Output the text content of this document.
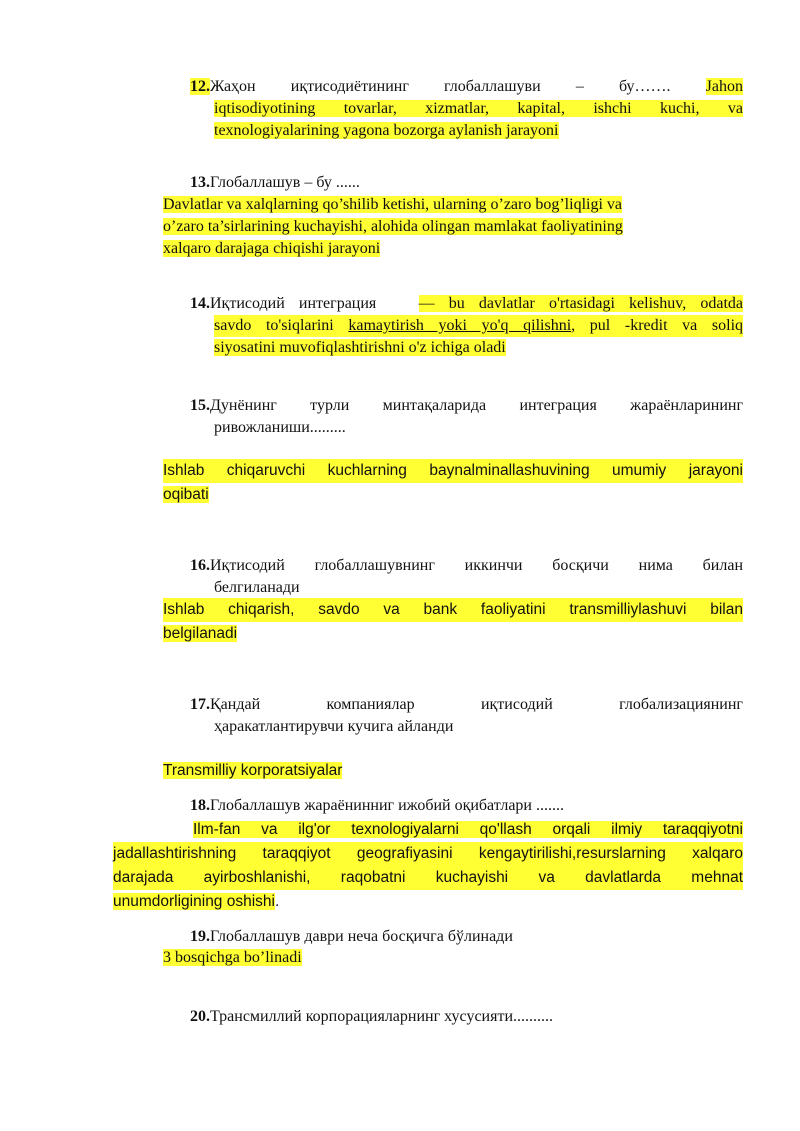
12.Жаҳон иқтисодиётининг глобаллашуви – бу……. Jahon
iqtisodiyotining tovarlar, xizmatlar, kapital, ishchi kuchi, va
texnologiyalarining yagona bozorga aylanish jarayoni
13.Глобаллашув – бу ......
Davlatlar va xalqlarning qo’shilib ketishi, ularning o’zaro bog’liqligi va
o’zaro ta’sirlarining kuchayishi, alohida olingan mamlakat faoliyatining
xalqaro darajaga chiqishi jarayoni
14.Иқтисодий интеграция	— bu davlatlar o'rtasidagi kelishuv, odatda
savdo to'siqlarini kamaytirish yoki yo'q qilishni, pul -kredit va soliq
siyosatini muvofiqlashtirishni o'z ichiga oladi
15.Дунёнинг турли минтақаларида интеграция жараёнларининг
ривожланиши.........
Ishlab chiqaruvchi kuchlarning baynalminallashuvining umumiy jarayoni
oqibati
16.Иқтисодий глобаллашувнинг иккинчи босқичи нима билан
белгиланади
Ishlab chiqarish, savdo va bank faoliyatini transmilliylashuvi bilan
belgilanadi
17.Қандай компаниялар иқтисодий глобализациянинг
ҳаракатлантирувчи кучига айланди
Transmilliy korporatsiyalar
18.Глобаллашув жараёнинниг ижобий оқибатлари .......
Ilm-fan va ilg'or texnologiyalarni qo'llash orqali ilmiy taraqqiyotni
jadallashtirishning taraqqiyot geografiyasini kengaytirilishi,resurslarning xalqaro
darajada ayirboshlanishi, raqobatni kuchayishi va davlatlarda mehnat
unumdorligining oshishi.
19.Глобаллашув даври неча босқичга бўлинади
3 bosqichga bo’linadi
20.Трансмиллий корпорацияларнинг хусусияти..........
